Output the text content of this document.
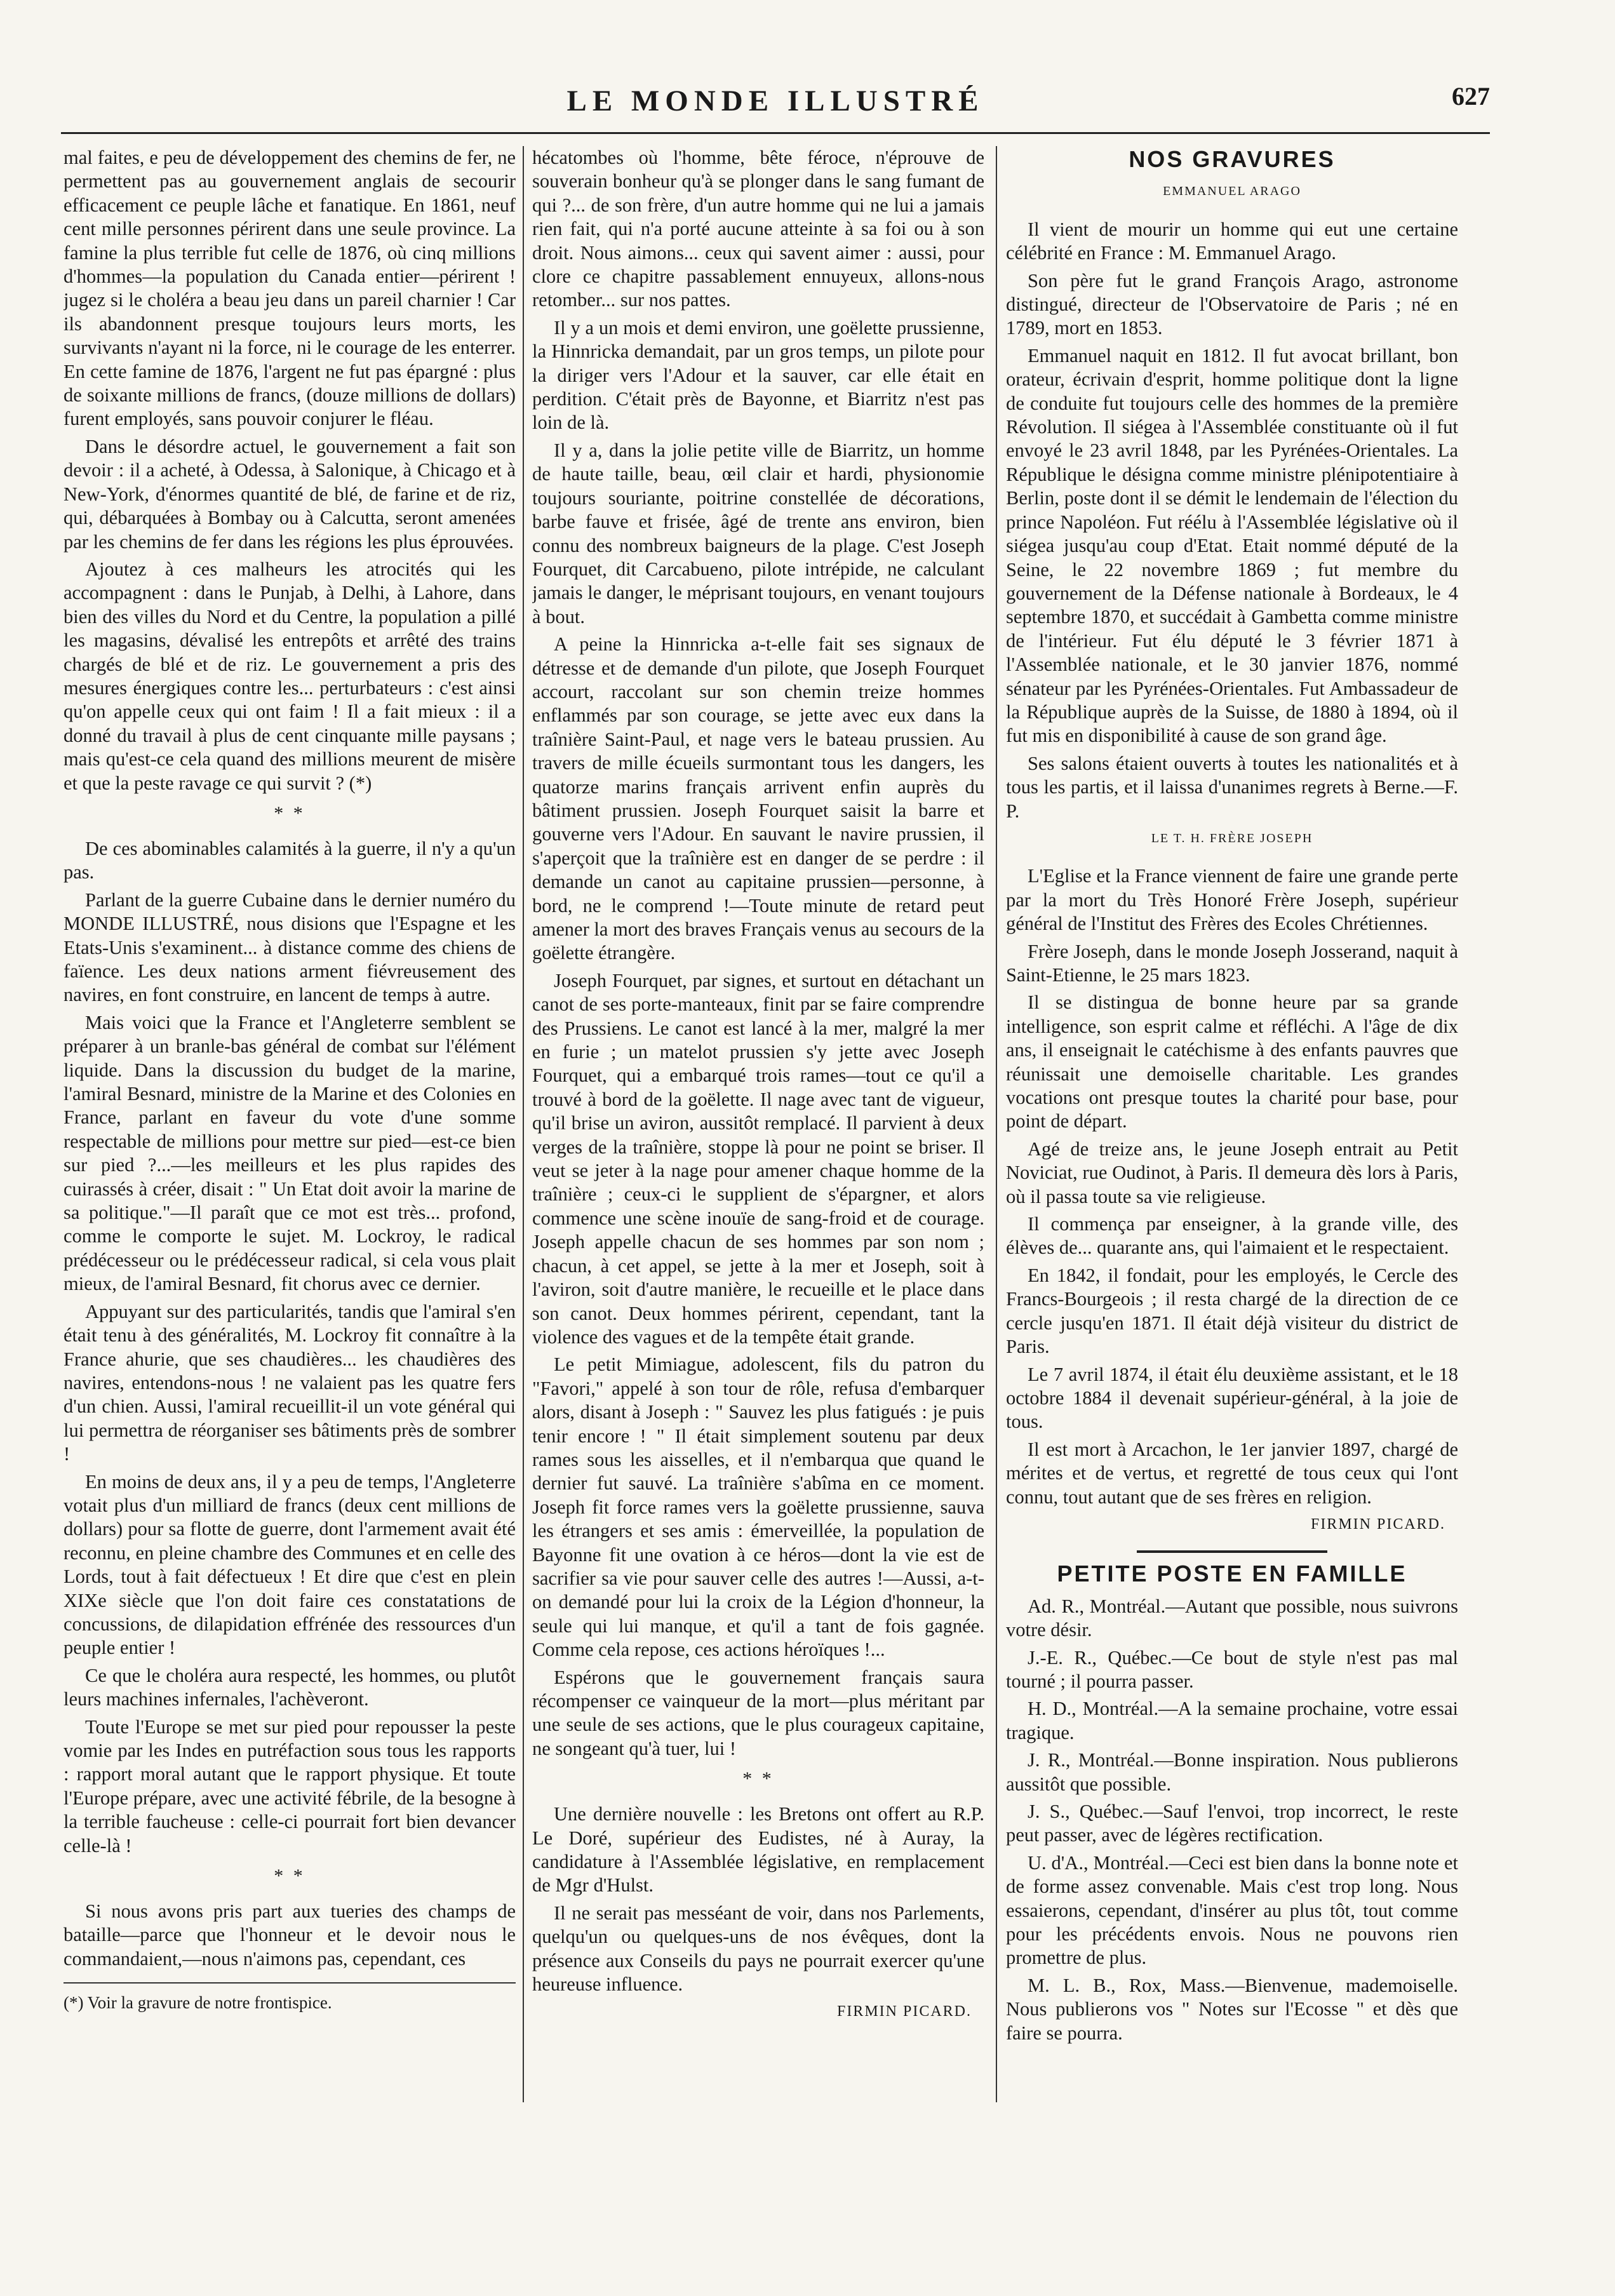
LE MONDE ILLUSTRÉ	627

mal faites, e peu de développement des chemins de fer, ne permettent pas au gouvernement anglais de secourir efficacement ce peuple lâche et fanatique. En 1861, neuf cent mille personnes périrent dans une seule province. La famine la plus terrible fut celle de 1876, où cinq millions d'hommes—la population du Canada entier—périrent ! jugez si le choléra a beau jeu dans un pareil charnier ! Car ils abandonnent presque toujours leurs morts, les survivants n'ayant ni la force, ni le courage de les enterrer. En cette famine de 1876, l'argent ne fut pas épargné : plus de soixante millions de francs, (douze millions de dollars) furent employés, sans pouvoir conjurer le fléau.

Dans le désordre actuel, le gouvernement a fait son devoir : il a acheté, à Odessa, à Salonique, à Chicago et à New-York, d'énormes quantité de blé, de farine et de riz, qui, débarquées à Bombay ou à Calcutta, seront amenées par les chemins de fer dans les régions les plus éprouvées.

Ajoutez à ces malheurs les atrocités qui les accompagnent : dans le Punjab, à Delhi, à Lahore, dans bien des villes du Nord et du Centre, la population a pillé les magasins, dévalisé les entrepôts et arrêté des trains chargés de blé et de riz. Le gouvernement a pris des mesures énergiques contre les... perturbateurs : c'est ainsi qu'on appelle ceux qui ont faim ! Il a fait mieux : il a donné du travail à plus de cent cinquante mille paysans ; mais qu'est-ce cela quand des millions meurent de misère et que la peste ravage ce qui survit ? (*)

* *

De ces abominables calamités à la guerre, il n'y a qu'un pas.

Parlant de la guerre Cubaine dans le dernier numéro du MONDE ILLUSTRÉ, nous disions que l'Espagne et les Etats-Unis s'examinent... à distance comme des chiens de faïence. Les deux nations arment fiévreusement des navires, en font construire, en lancent de temps à autre.

Mais voici que la France et l'Angleterre semblent se préparer à un branle-bas général de combat sur l'élément liquide. Dans la discussion du budget de la marine, l'amiral Besnard, ministre de la Marine et des Colonies en France, parlant en faveur du vote d'une somme respectable de millions pour mettre sur pied—est-ce bien sur pied ?...—les meilleurs et les plus rapides des cuirassés à créer, disait : " Un Etat doit avoir la marine de sa politique."—Il paraît que ce mot est très... profond, comme le comporte le sujet. M. Lockroy, le radical prédécesseur ou le prédécesseur radical, si cela vous plait mieux, de l'amiral Besnard, fit chorus avec ce dernier.

Appuyant sur des particularités, tandis que l'amiral s'en était tenu à des généralités, M. Lockroy fit connaître à la France ahurie, que ses chaudières... les chaudières des navires, entendons-nous ! ne valaient pas les quatre fers d'un chien. Aussi, l'amiral recueillit-il un vote général qui lui permettra de réorganiser ses bâtiments près de sombrer !

En moins de deux ans, il y a peu de temps, l'Angleterre votait plus d'un milliard de francs (deux cent millions de dollars) pour sa flotte de guerre, dont l'armement avait été reconnu, en pleine chambre des Communes et en celle des Lords, tout à fait défectueux ! Et dire que c'est en plein XIXe siècle que l'on doit faire ces constatations de concussions, de dilapidation effrénée des ressources d'un peuple entier !

Ce que le choléra aura respecté, les hommes, ou plutôt leurs machines infernales, l'achèveront.

Toute l'Europe se met sur pied pour repousser la peste vomie par les Indes en putréfaction sous tous les rapports : rapport moral autant que le rapport physique. Et toute l'Europe prépare, avec une activité fébrile, de la besogne à la terrible faucheuse : celle-ci pourrait fort bien devancer celle-là !

* *

Si nous avons pris part aux tueries des champs de bataille—parce que l'honneur et le devoir nous le commandaient,—nous n'aimons pas, cependant, ces

(*) Voir la gravure de notre frontispice.

hécatombes où l'homme, bête féroce, n'éprouve de souverain bonheur qu'à se plonger dans le sang fumant de qui ?... de son frère, d'un autre homme qui ne lui a jamais rien fait, qui n'a porté aucune atteinte à sa foi ou à son droit. Nous aimons... ceux qui savent aimer : aussi, pour clore ce chapitre passablement ennuyeux, allons-nous retomber... sur nos pattes.

Il y a un mois et demi environ, une goëlette prussienne, la Hinnricka demandait, par un gros temps, un pilote pour la diriger vers l'Adour et la sauver, car elle était en perdition. C'était près de Bayonne, et Biarritz n'est pas loin de là.

Il y a, dans la jolie petite ville de Biarritz, un homme de haute taille, beau, œil clair et hardi, physionomie toujours souriante, poitrine constellée de décorations, barbe fauve et frisée, âgé de trente ans environ, bien connu des nombreux baigneurs de la plage. C'est Joseph Fourquet, dit Carcabueno, pilote intrépide, ne calculant jamais le danger, le méprisant toujours, en venant toujours à bout.

A peine la Hinnricka a-t-elle fait ses signaux de détresse et de demande d'un pilote, que Joseph Fourquet accourt, raccolant sur son chemin treize hommes enflammés par son courage, se jette avec eux dans la traînière Saint-Paul, et nage vers le bateau prussien. Au travers de mille écueils surmontant tous les dangers, les quatorze marins français arrivent enfin auprès du bâtiment prussien. Joseph Fourquet saisit la barre et gouverne vers l'Adour. En sauvant le navire prussien, il s'aperçoit que la traînière est en danger de se perdre : il demande un canot au capitaine prussien—personne, à bord, ne le comprend !—Toute minute de retard peut amener la mort des braves Français venus au secours de la goëlette étrangère.

Joseph Fourquet, par signes, et surtout en détachant un canot de ses porte-manteaux, finit par se faire comprendre des Prussiens. Le canot est lancé à la mer, malgré la mer en furie ; un matelot prussien s'y jette avec Joseph Fourquet, qui a embarqué trois rames—tout ce qu'il a trouvé à bord de la goëlette. Il nage avec tant de vigueur, qu'il brise un aviron, aussitôt remplacé. Il parvient à deux verges de la traînière, stoppe là pour ne point se briser. Il veut se jeter à la nage pour amener chaque homme de la traînière ; ceux-ci le supplient de s'épargner, et alors commence une scène inouïe de sang-froid et de courage. Joseph appelle chacun de ses hommes par son nom ; chacun, à cet appel, se jette à la mer et Joseph, soit à l'aviron, soit d'autre manière, le recueille et le place dans son canot. Deux hommes périrent, cependant, tant la violence des vagues et de la tempête était grande.

Le petit Mimiague, adolescent, fils du patron du "Favori," appelé à son tour de rôle, refusa d'embarquer alors, disant à Joseph : " Sauvez les plus fatigués : je puis tenir encore ! " Il était simplement soutenu par deux rames sous les aisselles, et il n'embarqua que quand le dernier fut sauvé. La traînière s'abîma en ce moment. Joseph fit force rames vers la goëlette prussienne, sauva les étrangers et ses amis : émerveillée, la population de Bayonne fit une ovation à ce héros—dont la vie est de sacrifier sa vie pour sauver celle des autres !—Aussi, a-t-on demandé pour lui la croix de la Légion d'honneur, la seule qui lui manque, et qu'il a tant de fois gagnée. Comme cela repose, ces actions héroïques !...

Espérons que le gouvernement français saura récompenser ce vainqueur de la mort—plus méritant par une seule de ses actions, que le plus courageux capitaine, ne songeant qu'à tuer, lui !

* *

Une dernière nouvelle : les Bretons ont offert au R.P. Le Doré, supérieur des Eudistes, né à Auray, la candidature à l'Assemblée législative, en remplacement de Mgr d'Hulst.

Il ne serait pas messéant de voir, dans nos Parlements, quelqu'un ou quelques-uns de nos évêques, dont la présence aux Conseils du pays ne pourrait exercer qu'une heureuse influence.

FIRMIN PICARD.
NOS GRAVURES
EMMANUEL ARAGO

Il vient de mourir un homme qui eut une certaine célébrité en France : M. Emmanuel Arago.

Son père fut le grand François Arago, astronome distingué, directeur de l'Observatoire de Paris ; né en 1789, mort en 1853.

Emmanuel naquit en 1812. Il fut avocat brillant, bon orateur, écrivain d'esprit, homme politique dont la ligne de conduite fut toujours celle des hommes de la première Révolution. Il siégea à l'Assemblée constituante où il fut envoyé le 23 avril 1848, par les Pyrénées-Orientales. La République le désigna comme ministre plénipotentiaire à Berlin, poste dont il se démit le lendemain de l'élection du prince Napoléon. Fut réélu à l'Assemblée législative où il siégea jusqu'au coup d'Etat. Etait nommé député de la Seine, le 22 novembre 1869 ; fut membre du gouvernement de la Défense nationale à Bordeaux, le 4 septembre 1870, et succédait à Gambetta comme ministre de l'intérieur. Fut élu député le 3 février 1871 à l'Assemblée nationale, et le 30 janvier 1876, nommé sénateur par les Pyrénées-Orientales. Fut Ambassadeur de la République auprès de la Suisse, de 1880 à 1894, où il fut mis en disponibilité à cause de son grand âge.

Ses salons étaient ouverts à toutes les nationalités et à tous les partis, et il laissa d'unanimes regrets à Berne.—F. P.

LE T. H. FRÈRE JOSEPH

L'Eglise et la France viennent de faire une grande perte par la mort du Très Honoré Frère Joseph, supérieur général de l'Institut des Frères des Ecoles Chrétiennes.

Frère Joseph, dans le monde Joseph Josserand, naquit à Saint-Etienne, le 25 mars 1823.

Il se distingua de bonne heure par sa grande intelligence, son esprit calme et réfléchi. A l'âge de dix ans, il enseignait le catéchisme à des enfants pauvres que réunissait une demoiselle charitable. Les grandes vocations ont presque toutes la charité pour base, pour point de départ.

Agé de treize ans, le jeune Joseph entrait au Petit Noviciat, rue Oudinot, à Paris. Il demeura dès lors à Paris, où il passa toute sa vie religieuse.

Il commença par enseigner, à la grande ville, des élèves de... quarante ans, qui l'aimaient et le respectaient.

En 1842, il fondait, pour les employés, le Cercle des Francs-Bourgeois ; il resta chargé de la direction de ce cercle jusqu'en 1871. Il était déjà visiteur du district de Paris.

Le 7 avril 1874, il était élu deuxième assistant, et le 18 octobre 1884 il devenait supérieur-général, à la joie de tous.

Il est mort à Arcachon, le 1er janvier 1897, chargé de mérites et de vertus, et regretté de tous ceux qui l'ont connu, tout autant que de ses frères en religion.

FIRMIN PICARD.
PETITE POSTE EN FAMILLE

Ad. R., Montréal.—Autant que possible, nous suivrons votre désir.

J.-E. R., Québec.—Ce bout de style n'est pas mal tourné ; il pourra passer.

H. D., Montréal.—A la semaine prochaine, votre essai tragique.

J. R., Montréal.—Bonne inspiration. Nous publierons aussitôt que possible.

J. S., Québec.—Sauf l'envoi, trop incorrect, le reste peut passer, avec de légères rectification.

U. d'A., Montréal.—Ceci est bien dans la bonne note et de forme assez convenable. Mais c'est trop long. Nous essaierons, cependant, d'insérer au plus tôt, tout comme pour les précédents envois. Nous ne pouvons rien promettre de plus.

M. L. B., Rox, Mass.—Bienvenue, mademoiselle. Nous publierons vos " Notes sur l'Ecosse " et dès que faire se pourra.
